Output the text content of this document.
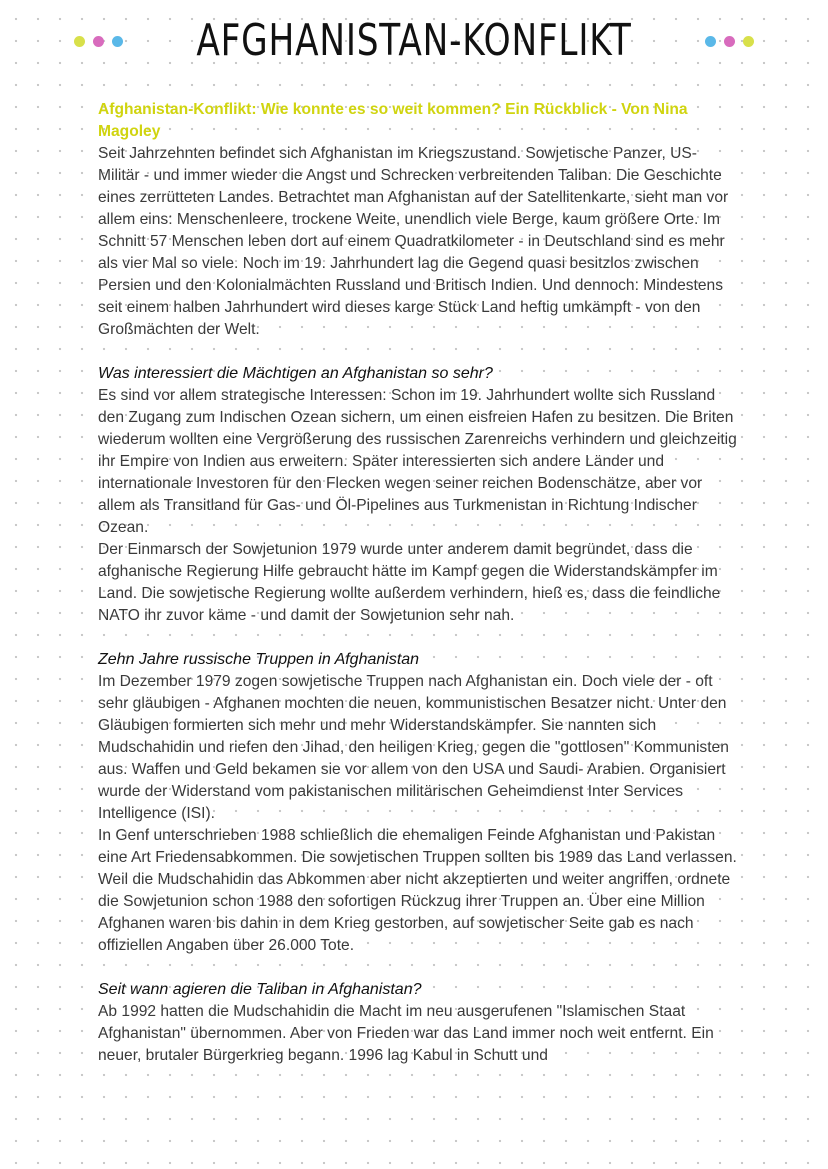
AFGHANISTAN-KONFLIKT

Afghanistan-Konflikt: Wie konnte es so weit kommen? Ein Rückblick - Von Nina Magoley

Seit Jahrzehnten befindet sich Afghanistan im Kriegszustand. Sowjetische Panzer, US-Militär - und immer wieder die Angst und Schrecken verbreitenden Taliban. Die Geschichte eines zerrütteten Landes. Betrachtet man Afghanistan auf der Satellitenkarte, sieht man vor allem eins: Menschenleere, trockene Weite, unendlich viele Berge, kaum größere Orte. Im Schnitt 57 Menschen leben dort auf einem Quadratkilometer - in Deutschland sind es mehr als vier Mal so viele. Noch im 19. Jahrhundert lag die Gegend quasi besitzlos zwischen Persien und den Kolonialmächten Russland und Britisch Indien. Und dennoch: Mindestens seit einem halben Jahrhundert wird dieses karge Stück Land heftig umkämpft - von den Großmächten der Welt.

Was interessiert die Mächtigen an Afghanistan so sehr?

Es sind vor allem strategische Interessen: Schon im 19. Jahrhundert wollte sich Russland den Zugang zum Indischen Ozean sichern, um einen eisfreien Hafen zu besitzen. Die Briten wiederum wollten eine Vergrößerung des russischen Zarenreichs verhindern und gleichzeitig ihr Empire von Indien aus erweitern. Später interessierten sich andere Länder und internationale Investoren für den Flecken wegen seiner reichen Bodenschätze, aber vor allem als Transitland für Gas- und Öl-Pipelines aus Turkmenistan in Richtung Indischer Ozean.

Der Einmarsch der Sowjetunion 1979 wurde unter anderem damit begründet, dass die afghanische Regierung Hilfe gebraucht hätte im Kampf gegen die Widerstandskämpfer im Land. Die sowjetische Regierung wollte außerdem verhindern, hieß es, dass die feindliche NATO ihr zuvor käme - und damit der Sowjetunion sehr nah.

Zehn Jahre russische Truppen in Afghanistan

Im Dezember 1979 zogen sowjetische Truppen nach Afghanistan ein. Doch viele der - oft sehr gläubigen - Afghanen mochten die neuen, kommunistischen Besatzer nicht. Unter den Gläubigen formierten sich mehr und mehr Widerstandskämpfer. Sie nannten sich Mudschahidin und riefen den Jihad, den heiligen Krieg, gegen die "gottlosen" Kommunisten aus. Waffen und Geld bekamen sie vor allem von den USA und Saudi- Arabien. Organisiert wurde der Widerstand vom pakistanischen militärischen Geheimdienst Inter Services Intelligence (ISI).

In Genf unterschrieben 1988 schließlich die ehemaligen Feinde Afghanistan und Pakistan eine Art Friedensabkommen. Die sowjetischen Truppen sollten bis 1989 das Land verlassen. Weil die Mudschahidin das Abkommen aber nicht akzeptierten und weiter angriffen, ordnete die Sowjetunion schon 1988 den sofortigen Rückzug ihrer Truppen an. Über eine Million Afghanen waren bis dahin in dem Krieg gestorben, auf sowjetischer Seite gab es nach offiziellen Angaben über 26.000 Tote.

Seit wann agieren die Taliban in Afghanistan?

Ab 1992 hatten die Mudschahidin die Macht im neu ausgerufenen "Islamischen Staat Afghanistan" übernommen. Aber von Frieden war das Land immer noch weit entfernt. Ein neuer, brutaler Bürgerkrieg begann. 1996 lag Kabul in Schutt und
